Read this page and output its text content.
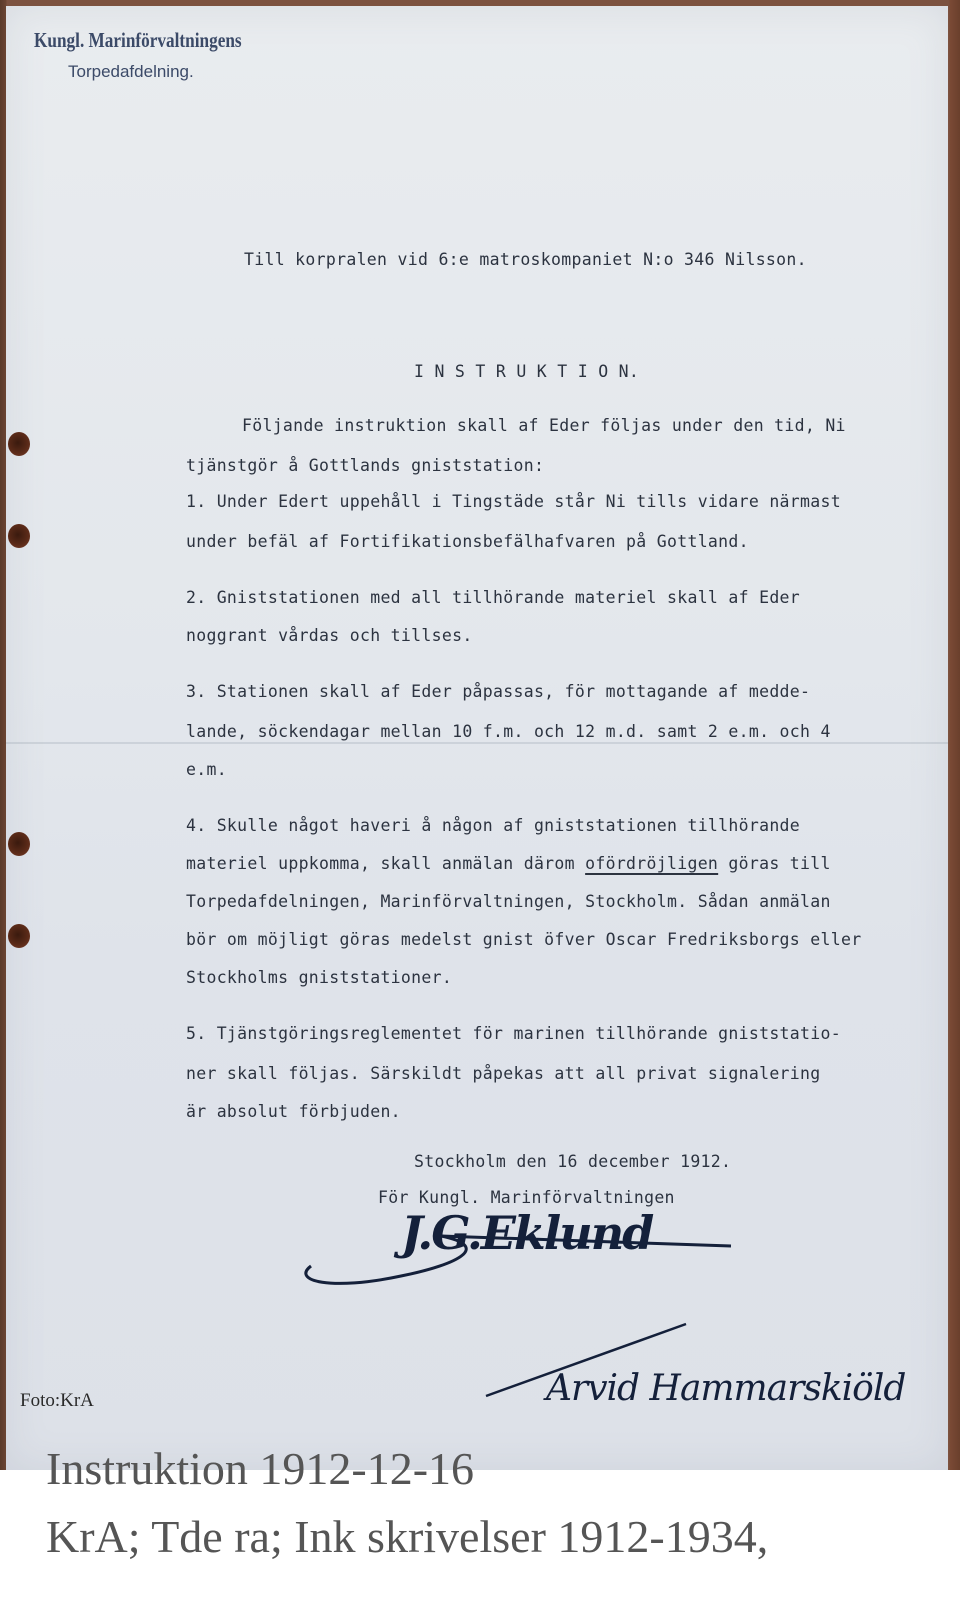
Kungl. Marinförvaltningens
Torpedafdelning.
Till korpralen vid 6:e matroskompaniet N:o 346 Nilsson.
I N S T R U K T I O N.
Följande instruktion skall af Eder följas under den tid, Ni
tjänstgör å Gottlands gniststation:
1. Under Edert uppehåll i Tingstäde står Ni tills vidare närmast
under befäl af Fortifikationsbefälhafvaren på Gottland.
2. Gniststationen med all tillhörande materiel skall af Eder
noggrant vårdas och tillses.
3. Stationen skall af Eder påpassas, för mottagande af medde-
lande, söckendagar mellan 10 f.m. och 12 m.d. samt 2 e.m. och 4
e.m.
4. Skulle något haveri å någon af gniststationen tillhörande
materiel uppkomma, skall anmälan därom ofördröjligen göras till
Torpedafdelningen, Marinförvaltningen, Stockholm. Sådan anmälan
bör om möjligt göras medelst gnist öfver Oscar Fredriksborgs eller
Stockholms gniststationer.
5. Tjänstgöringsreglementet för marinen tillhörande gniststatio-
ner skall följas. Särskildt påpekas att all privat signalering
är absolut förbjuden.
Stockholm den 16 december 1912.
För Kungl. Marinförvaltningen
J.G.Eklund
Arvid Hammarskiöld
Foto:KrA
Instruktion 1912-12-16
KrA; Tde ra; Ink skrivelser 1912-1934,
